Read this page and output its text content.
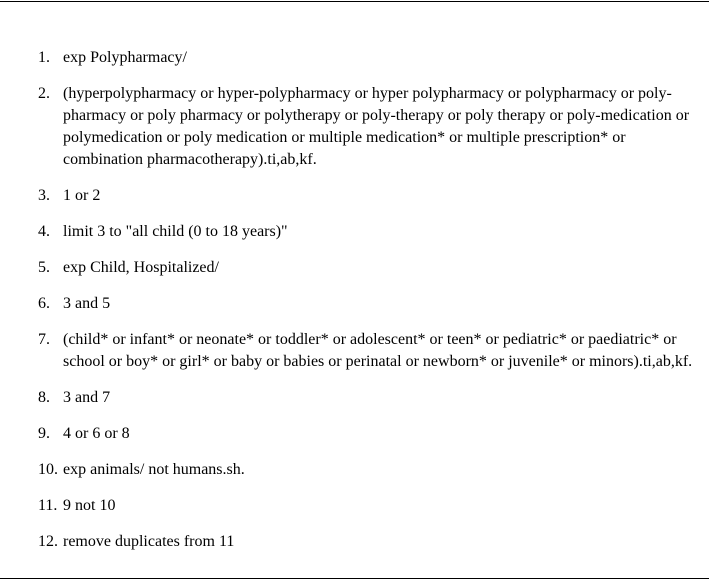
1. exp Polypharmacy/
2. (hyperpolypharmacy or hyper-polypharmacy or hyper polypharmacy or polypharmacy or poly-pharmacy or poly pharmacy or polytherapy or poly-therapy or poly therapy or poly-medication or polymedication or poly medication or multiple medication* or multiple prescription* or combination pharmacotherapy).ti,ab,kf.
3. 1 or 2
4. limit 3 to "all child (0 to 18 years)"
5. exp Child, Hospitalized/
6. 3 and 5
7. (child* or infant* or neonate* or toddler* or adolescent* or teen* or pediatric* or paediatric* or school or boy* or girl* or baby or babies or perinatal or newborn* or juvenile* or minors).ti,ab,kf.
8. 3 and 7
9. 4 or 6 or 8
10. exp animals/ not humans.sh.
11. 9 not 10
12. remove duplicates from 11
